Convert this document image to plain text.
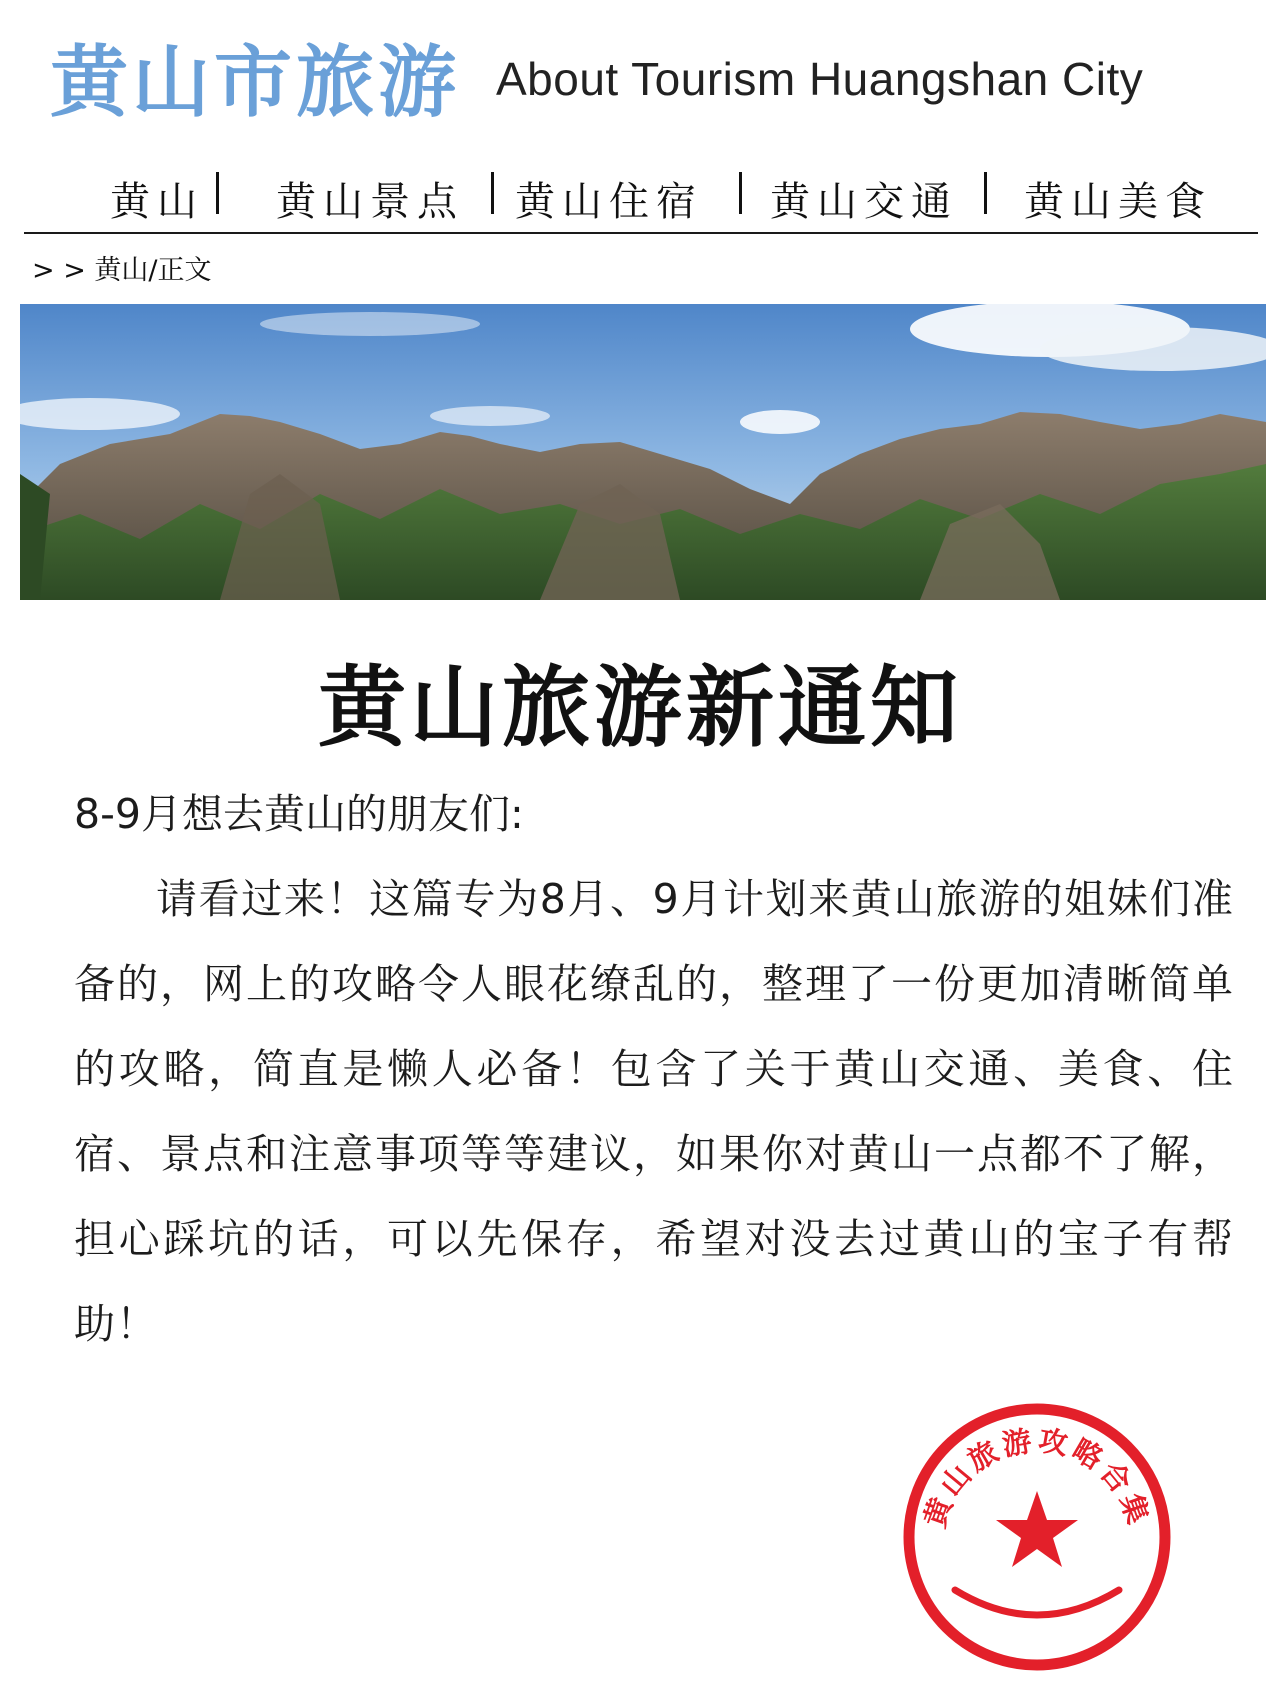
黄山市旅游 About Tourism Huangshan City
黄山 黄山景点 黄山住宿 黄山交通 黄山美食
> > 黄山/正文
黄山旅游新通知

8-9月想去黄山的朋友们:

请看过来！这篇专为8月、9月计划来黄山旅游的姐妹们准备的，网上的攻略令人眼花缭乱的，整理了一份更加清晰简单的攻略，简直是懒人必备！包含了关于黄山交通、美食、住宿、景点和注意事项等等建议，如果你对黄山一点都不了解，担心踩坑的话，可以先保存，希望对没去过黄山的宝子有帮助！

黄山旅游攻略合集
